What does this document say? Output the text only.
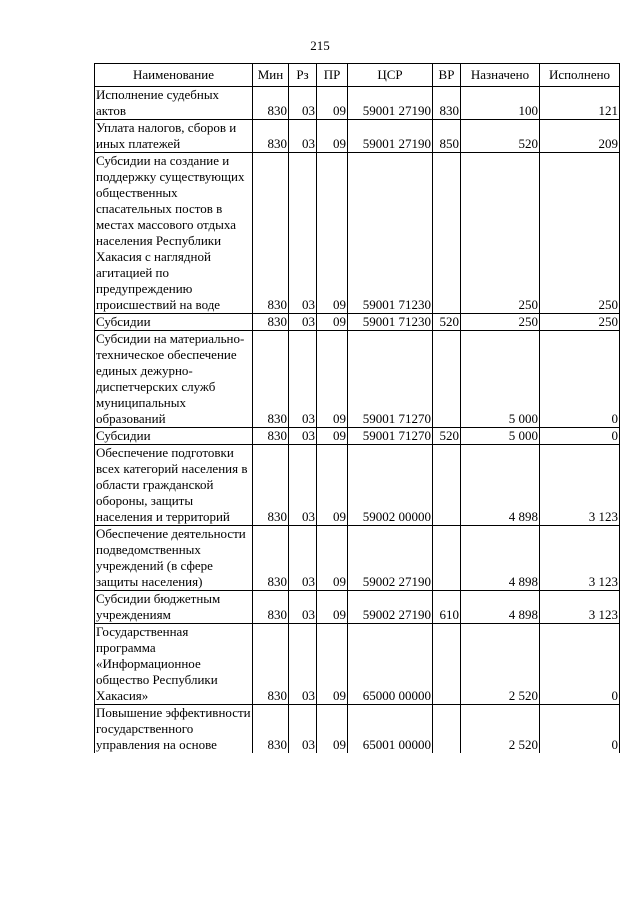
215
Наименование	Мин	Рз	ПР	ЦСР	ВР	Назначено	Исполнено
Исполнение судебных актов	830	03	09	59001 27190	830	100	121
Уплата налогов, сборов и иных платежей	830	03	09	59001 27190	850	520	209
Субсидии на создание и поддержку существующих общественных спасательных постов в местах массового отдыха населения Республики Хакасия с наглядной агитацией по предупреждению происшествий на воде	830	03	09	59001 71230		250	250
Субсидии	830	03	09	59001 71230	520	250	250
Субсидии на материально-техническое обеспечение единых дежурно-диспетчерских служб муниципальных образований	830	03	09	59001 71270		5 000	0
Субсидии	830	03	09	59001 71270	520	5 000	0
Обеспечение подготовки всех категорий населения в области гражданской обороны, защиты населения и территорий	830	03	09	59002 00000		4 898	3 123
Обеспечение деятельности подведомственных учреждений (в сфере защиты населения)	830	03	09	59002 27190		4 898	3 123
Субсидии бюджетным учреждениям	830	03	09	59002 27190	610	4 898	3 123
Государственная программа «Информационное общество Республики Хакасия»	830	03	09	65000 00000		2 520	0
Повышение эффективности государственного управления на основе	830	03	09	65001 00000		2 520	0
